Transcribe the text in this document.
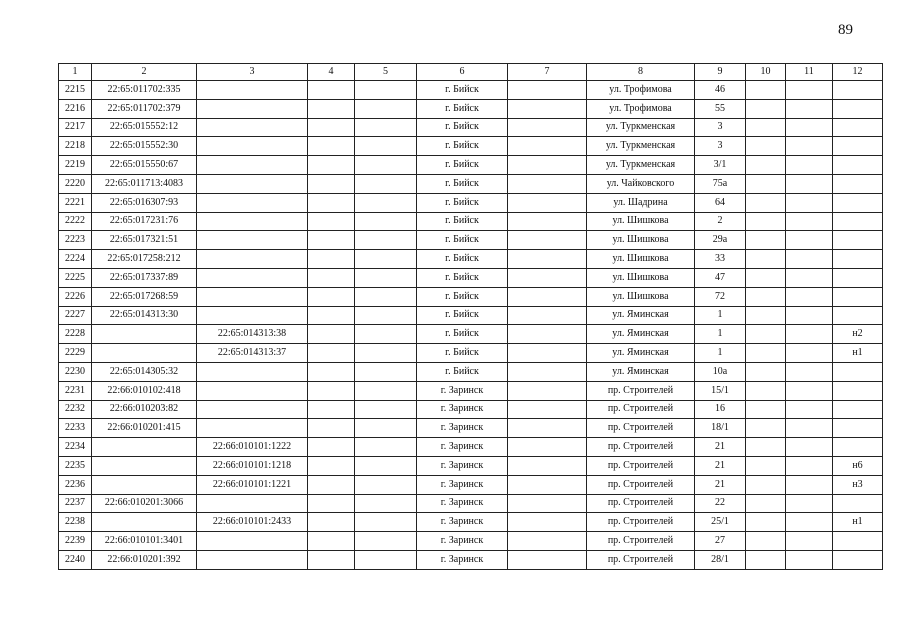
89
1	2	3	4	5	6	7	8	9	10	11	12
2215	22:65:011702:335				г. Бийск		ул. Трофимова	46			
2216	22:65:011702:379				г. Бийск		ул. Трофимова	55			
2217	22:65:015552:12				г. Бийск		ул. Туркменская	3			
2218	22:65:015552:30				г. Бийск		ул. Туркменская	3			
2219	22:65:015550:67				г. Бийск		ул. Туркменская	3/1			
2220	22:65:011713:4083				г. Бийск		ул. Чайковского	75а			
2221	22:65:016307:93				г. Бийск		ул. Шадрина	64			
2222	22:65:017231:76				г. Бийск		ул. Шишкова	2			
2223	22:65:017321:51				г. Бийск		ул. Шишкова	29а			
2224	22:65:017258:212				г. Бийск		ул. Шишкова	33			
2225	22:65:017337:89				г. Бийск		ул. Шишкова	47			
2226	22:65:017268:59				г. Бийск		ул. Шишкова	72			
2227	22:65:014313:30				г. Бийск		ул. Яминская	1			
2228		22:65:014313:38			г. Бийск		ул. Яминская	1			н2
2229		22:65:014313:37			г. Бийск		ул. Яминская	1			н1
2230	22:65:014305:32				г. Бийск		ул. Яминская	10а			
2231	22:66:010102:418				г. Заринск		пр. Строителей	15/1			
2232	22:66:010203:82				г. Заринск		пр. Строителей	16			
2233	22:66:010201:415				г. Заринск		пр. Строителей	18/1			
2234		22:66:010101:1222			г. Заринск		пр. Строителей	21			
2235		22:66:010101:1218			г. Заринск		пр. Строителей	21			н6
2236		22:66:010101:1221			г. Заринск		пр. Строителей	21			н3
2237	22:66:010201:3066				г. Заринск		пр. Строителей	22			
2238		22:66:010101:2433			г. Заринск		пр. Строителей	25/1			н1
2239	22:66:010101:3401				г. Заринск		пр. Строителей	27			
2240	22:66:010201:392				г. Заринск		пр. Строителей	28/1			
